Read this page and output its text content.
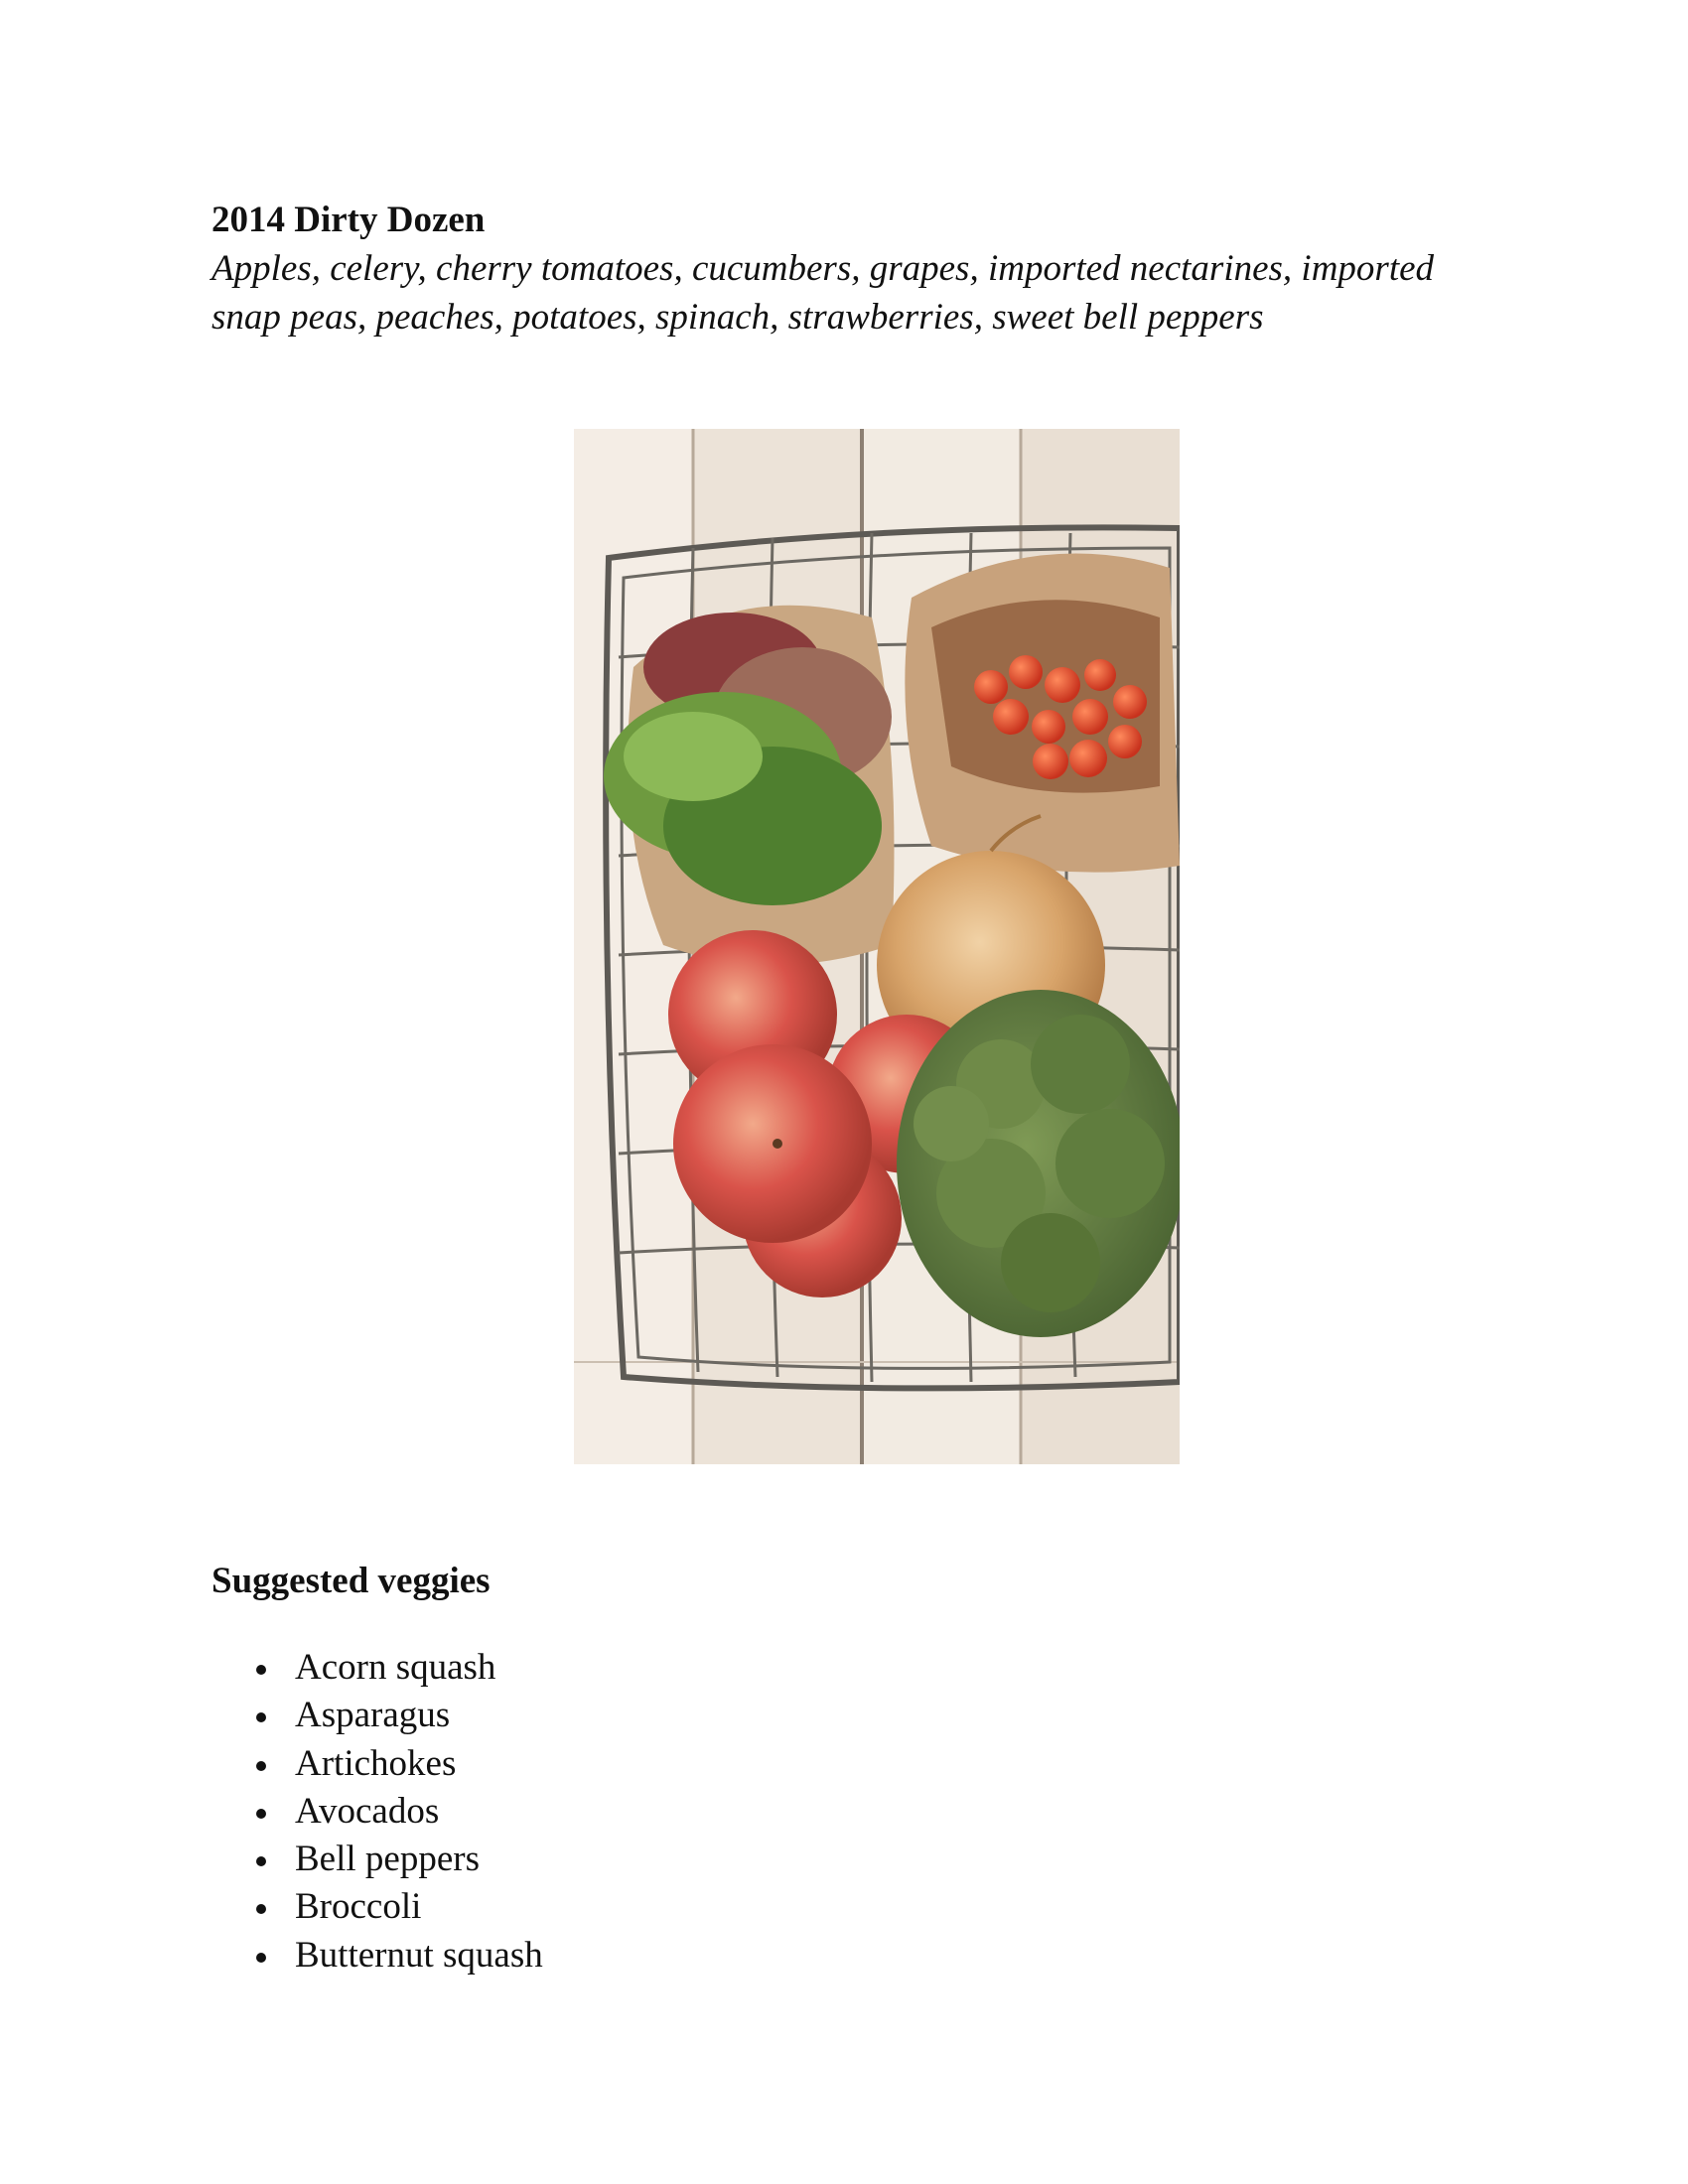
2014 Dirty Dozen

Apples, celery, cherry tomatoes, cucumbers, grapes, imported nectarines, imported snap peas, peaches, potatoes, spinach, strawberries, sweet bell peppers

Suggested veggies
Acorn squash
Asparagus
Artichokes
Avocados
Bell peppers
Broccoli
Butternut squash
